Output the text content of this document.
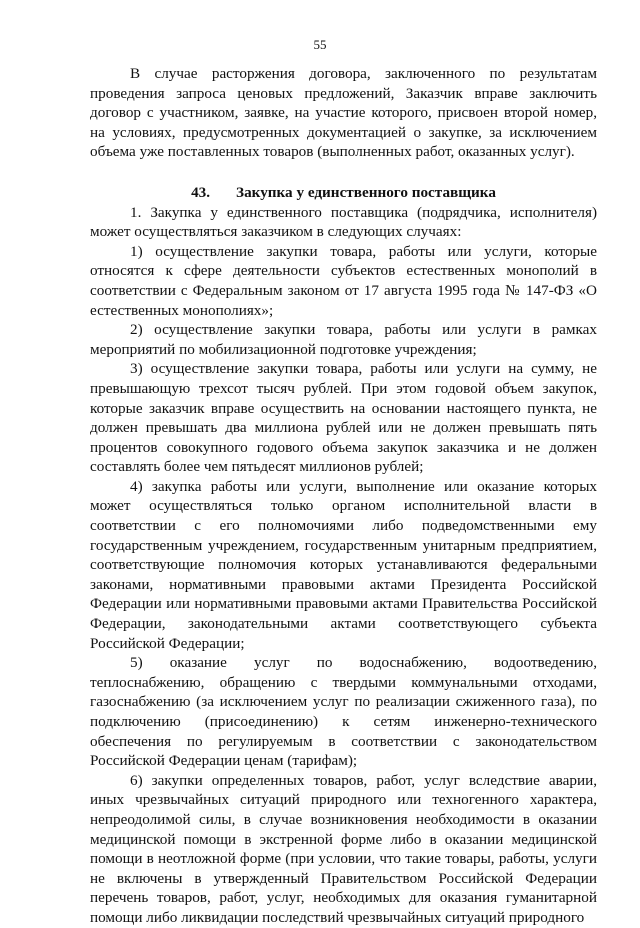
55

В случае расторжения договора, заключенного по результатам проведения запроса ценовых предложений, Заказчик вправе заключить договор с участником, заявке, на участие которого, присвоен второй номер, на условиях, предусмотренных документацией о закупке, за исключением объема уже поставленных товаров (выполненных работ, оказанных услуг).

43. Закупка у единственного поставщика

1. Закупка у единственного поставщика (подрядчика, исполнителя) может осуществляться заказчиком в следующих случаях:

1) осуществление закупки товара, работы или услуги, которые относятся к сфере деятельности субъектов естественных монополий в соответствии с Федеральным законом от 17 августа 1995 года № 147-ФЗ «О естественных монополиях»;

2) осуществление закупки товара, работы или услуги в рамках мероприятий по мобилизационной подготовке учреждения;

3) осуществление закупки товара, работы или услуги на сумму, не превышающую трехсот тысяч рублей. При этом годовой объем закупок, которые заказчик вправе осуществить на основании настоящего пункта, не должен превышать два миллиона рублей или не должен превышать пять процентов совокупного годового объема закупок заказчика и не должен составлять более чем пятьдесят миллионов рублей;

4) закупка работы или услуги, выполнение или оказание которых может осуществляться только органом исполнительной власти в соответствии с его полномочиями либо подведомственными ему государственным учреждением, государственным унитарным предприятием, соответствующие полномочия которых устанавливаются федеральными законами, нормативными правовыми актами Президента Российской Федерации или нормативными правовыми актами Правительства Российской Федерации, законодательными актами соответствующего субъекта Российской Федерации;

5) оказание услуг по водоснабжению, водоотведению, теплоснабжению, обращению с твердыми коммунальными отходами, газоснабжению (за исключением услуг по реализации сжиженного газа), по подключению (присоединению) к сетям инженерно-технического обеспечения по регулируемым в соответствии с законодательством Российской Федерации ценам (тарифам);

6) закупки определенных товаров, работ, услуг вследствие аварии, иных чрезвычайных ситуаций природного или техногенного характера, непреодолимой силы, в случае возникновения необходимости в оказании медицинской помощи в экстренной форме либо в оказании медицинской помощи в неотложной форме (при условии, что такие товары, работы, услуги не включены в утвержденный Правительством Российской Федерации перечень товаров, работ, услуг, необходимых для оказания гуманитарной помощи либо ликвидации последствий чрезвычайных ситуаций природного
